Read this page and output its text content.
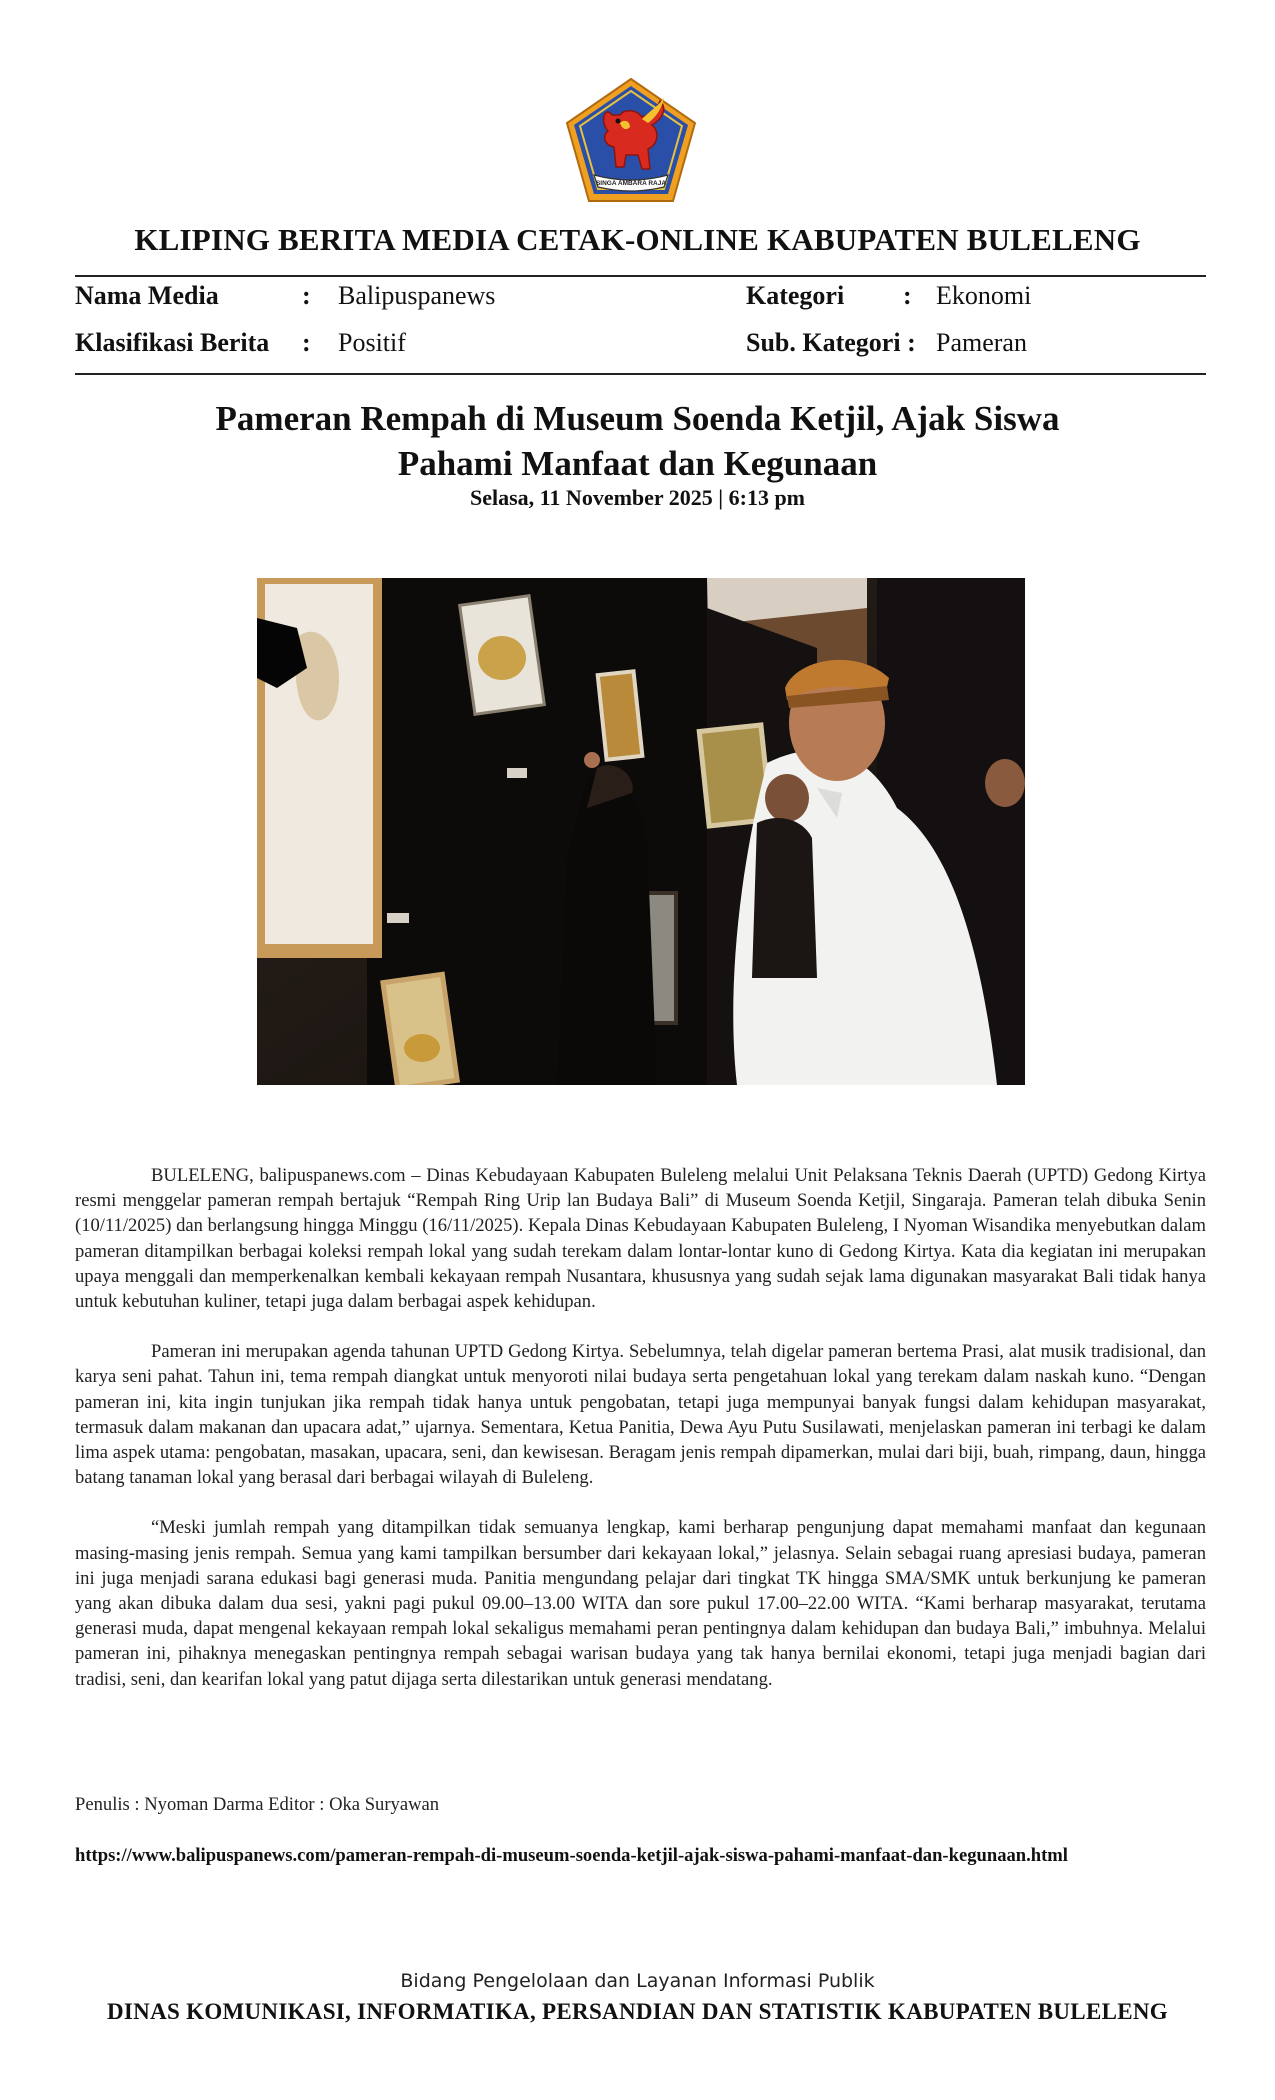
SINGA AMBARA RAJA
KLIPING BERITA MEDIA CETAK-ONLINE KABUPATEN BULELENG
Nama Media	: Balipuspanews	Kategori : Ekonomi
Klasifikasi Berita : Positif	Sub. Kategori : Pameran
Pameran Rempah di Museum Soenda Ketjil, Ajak Siswa
Pahami Manfaat dan Kegunaan
Selasa, 11 November 2025 | 6:13 pm

BULELENG, balipuspanews.com – Dinas Kebudayaan Kabupaten Buleleng melalui Unit Pelaksana Teknis Daerah (UPTD) Gedong Kirtya resmi menggelar pameran rempah bertajuk “Rempah Ring Urip lan Budaya Bali” di Museum Soenda Ketjil, Singaraja. Pameran telah dibuka Senin (10/11/2025) dan berlangsung hingga Minggu (16/11/2025). Kepala Dinas Kebudayaan Kabupaten Buleleng, I Nyoman Wisandika menyebutkan dalam pameran ditampilkan berbagai koleksi rempah lokal yang sudah terekam dalam lontar-lontar kuno di Gedong Kirtya. Kata dia kegiatan ini merupakan upaya menggali dan memperkenalkan kembali kekayaan rempah Nusantara, khususnya yang sudah sejak lama digunakan masyarakat Bali tidak hanya untuk kebutuhan kuliner, tetapi juga dalam berbagai aspek kehidupan.

Pameran ini merupakan agenda tahunan UPTD Gedong Kirtya. Sebelumnya, telah digelar pameran bertema Prasi, alat musik tradisional, dan karya seni pahat. Tahun ini, tema rempah diangkat untuk menyoroti nilai budaya serta pengetahuan lokal yang terekam dalam naskah kuno. “Dengan pameran ini, kita ingin tunjukan jika rempah tidak hanya untuk pengobatan, tetapi juga mempunyai banyak fungsi dalam kehidupan masyarakat, termasuk dalam makanan dan upacara adat,” ujarnya. Sementara, Ketua Panitia, Dewa Ayu Putu Susilawati, menjelaskan pameran ini terbagi ke dalam lima aspek utama: pengobatan, masakan, upacara, seni, dan kewisesan. Beragam jenis rempah dipamerkan, mulai dari biji, buah, rimpang, daun, hingga batang tanaman lokal yang berasal dari berbagai wilayah di Buleleng.

“Meski jumlah rempah yang ditampilkan tidak semuanya lengkap, kami berharap pengunjung dapat memahami manfaat dan kegunaan masing-masing jenis rempah. Semua yang kami tampilkan bersumber dari kekayaan lokal,” jelasnya. Selain sebagai ruang apresiasi budaya, pameran ini juga menjadi sarana edukasi bagi generasi muda. Panitia mengundang pelajar dari tingkat TK hingga SMA/SMK untuk berkunjung ke pameran yang akan dibuka dalam dua sesi, yakni pagi pukul 09.00–13.00 WITA dan sore pukul 17.00–22.00 WITA. “Kami berharap masyarakat, terutama generasi muda, dapat mengenal kekayaan rempah lokal sekaligus memahami peran pentingnya dalam kehidupan dan budaya Bali,” imbuhnya. Melalui pameran ini, pihaknya menegaskan pentingnya rempah sebagai warisan budaya yang tak hanya bernilai ekonomi, tetapi juga menjadi bagian dari tradisi, seni, dan kearifan lokal yang patut dijaga serta dilestarikan untuk generasi mendatang.

Penulis : Nyoman Darma Editor : Oka Suryawan
https://www.balipuspanews.com/pameran-rempah-di-museum-soenda-ketjil-ajak-siswa-pahami-manfaat-dan-kegunaan.html
Bidang Pengelolaan dan Layanan Informasi Publik
DINAS KOMUNIKASI, INFORMATIKA, PERSANDIAN DAN STATISTIK KABUPATEN BULELENG
